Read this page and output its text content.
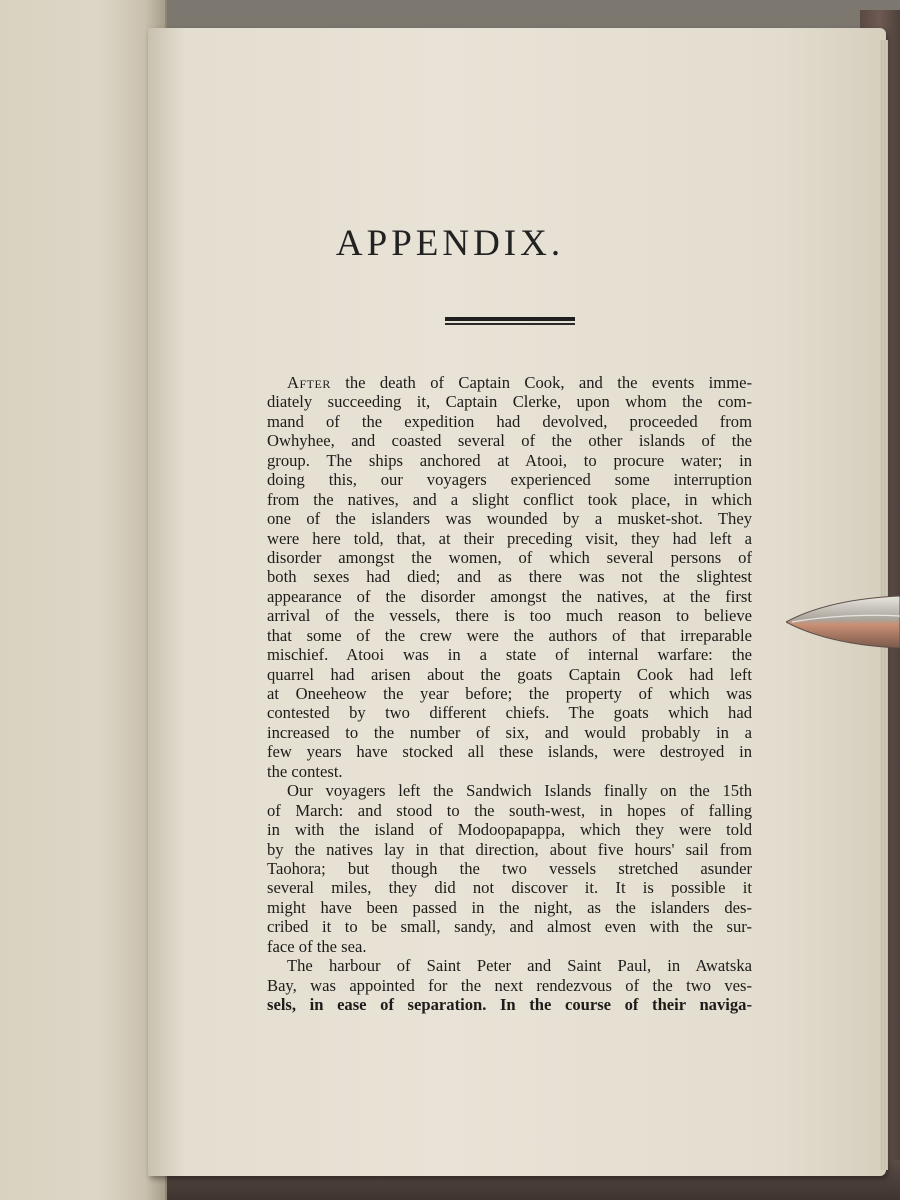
APPENDIX.
After the death of Captain Cook, and the events imme-
diately succeeding it, Captain Clerke, upon whom the com-
mand of the expedition had devolved, proceeded from
Owhyhee, and coasted several of the other islands of the
group. The ships anchored at Atooi, to procure water; in
doing this, our voyagers experienced some interruption
from the natives, and a slight conflict took place, in which
one of the islanders was wounded by a musket-shot. They
were here told, that, at their preceding visit, they had left a
disorder amongst the women, of which several persons of
both sexes had died; and as there was not the slightest
appearance of the disorder amongst the natives, at the first
arrival of the vessels, there is too much reason to believe
that some of the crew were the authors of that irreparable
mischief. Atooi was in a state of internal warfare: the
quarrel had arisen about the goats Captain Cook had left
at Oneeheow the year before; the property of which was
contested by two different chiefs. The goats which had
increased to the number of six, and would probably in a
few years have stocked all these islands, were destroyed in
the contest.
Our voyagers left the Sandwich Islands finally on the 15th
of March: and stood to the south-west, in hopes of falling
in with the island of Modoopapappa, which they were told
by the natives lay in that direction, about five hours' sail from
Taohora; but though the two vessels stretched asunder
several miles, they did not discover it. It is possible it
might have been passed in the night, as the islanders des-
cribed it to be small, sandy, and almost even with the sur-
face of the sea.
The harbour of Saint Peter and Saint Paul, in Awatska
Bay, was appointed for the next rendezvous of the two ves-
sels, in ease of separation. In the course of their naviga-
